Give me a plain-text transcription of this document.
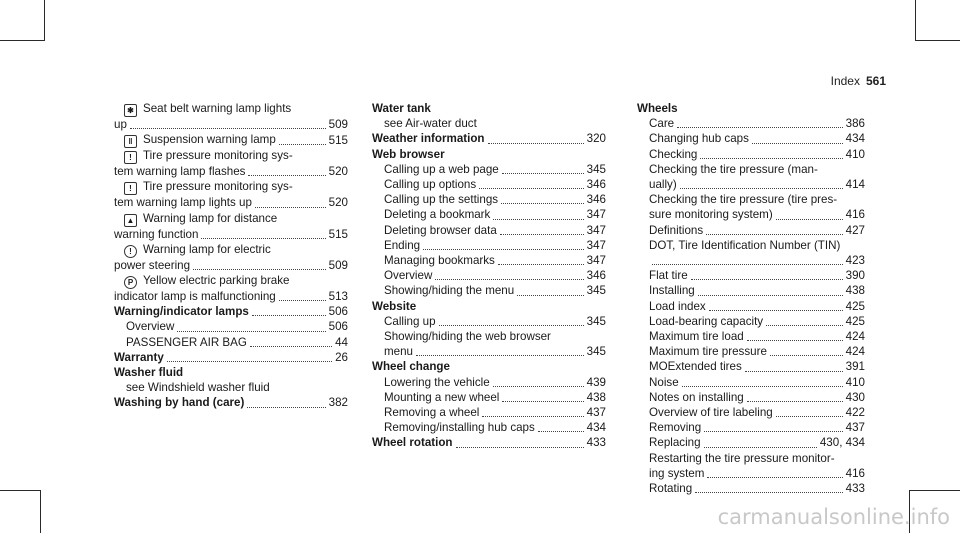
Index 561
✱ Seat belt warning lamp lights
up	509
‖ Suspension warning lamp	515
! Tire pressure monitoring sys-
tem warning lamp flashes	520
! Tire pressure monitoring sys-
tem warning lamp lights up	520
▲ Warning lamp for distance
warning function	515
! Warning lamp for electric
power steering	509
P Yellow electric parking brake
indicator lamp is malfunctioning	513
Warning/indicator lamps	506
Overview	506
PASSENGER AIR BAG	44
Warranty	26
Washer fluid
see Windshield washer fluid
Washing by hand (care)	382
Water tank
see Air-water duct
Weather information	320
Web browser
Calling up a web page	345
Calling up options	346
Calling up the settings	346
Deleting a bookmark	347
Deleting browser data	347
Ending	347
Managing bookmarks	347
Overview	346
Showing/hiding the menu	345
Website
Calling up	345
Showing/hiding the web browser
menu	345
Wheel change
Lowering the vehicle	439
Mounting a new wheel	438
Removing a wheel	437
Removing/installing hub caps	434
Wheel rotation	433
Wheels
Care	386
Changing hub caps	434
Checking	410
Checking the tire pressure (man-
ually)	414
Checking the tire pressure (tire pres-
sure monitoring system)	416
Definitions	427
DOT, Tire Identification Number (TIN)
423
Flat tire	390
Installing	438
Load index	425
Load-bearing capacity	425
Maximum tire load	424
Maximum tire pressure	424
MOExtended tires	391
Noise	410
Notes on installing	430
Overview of tire labeling	422
Removing	437
Replacing	430, 434
Restarting the tire pressure monitor-
ing system	416
Rotating	433
carmanualsonline.info
